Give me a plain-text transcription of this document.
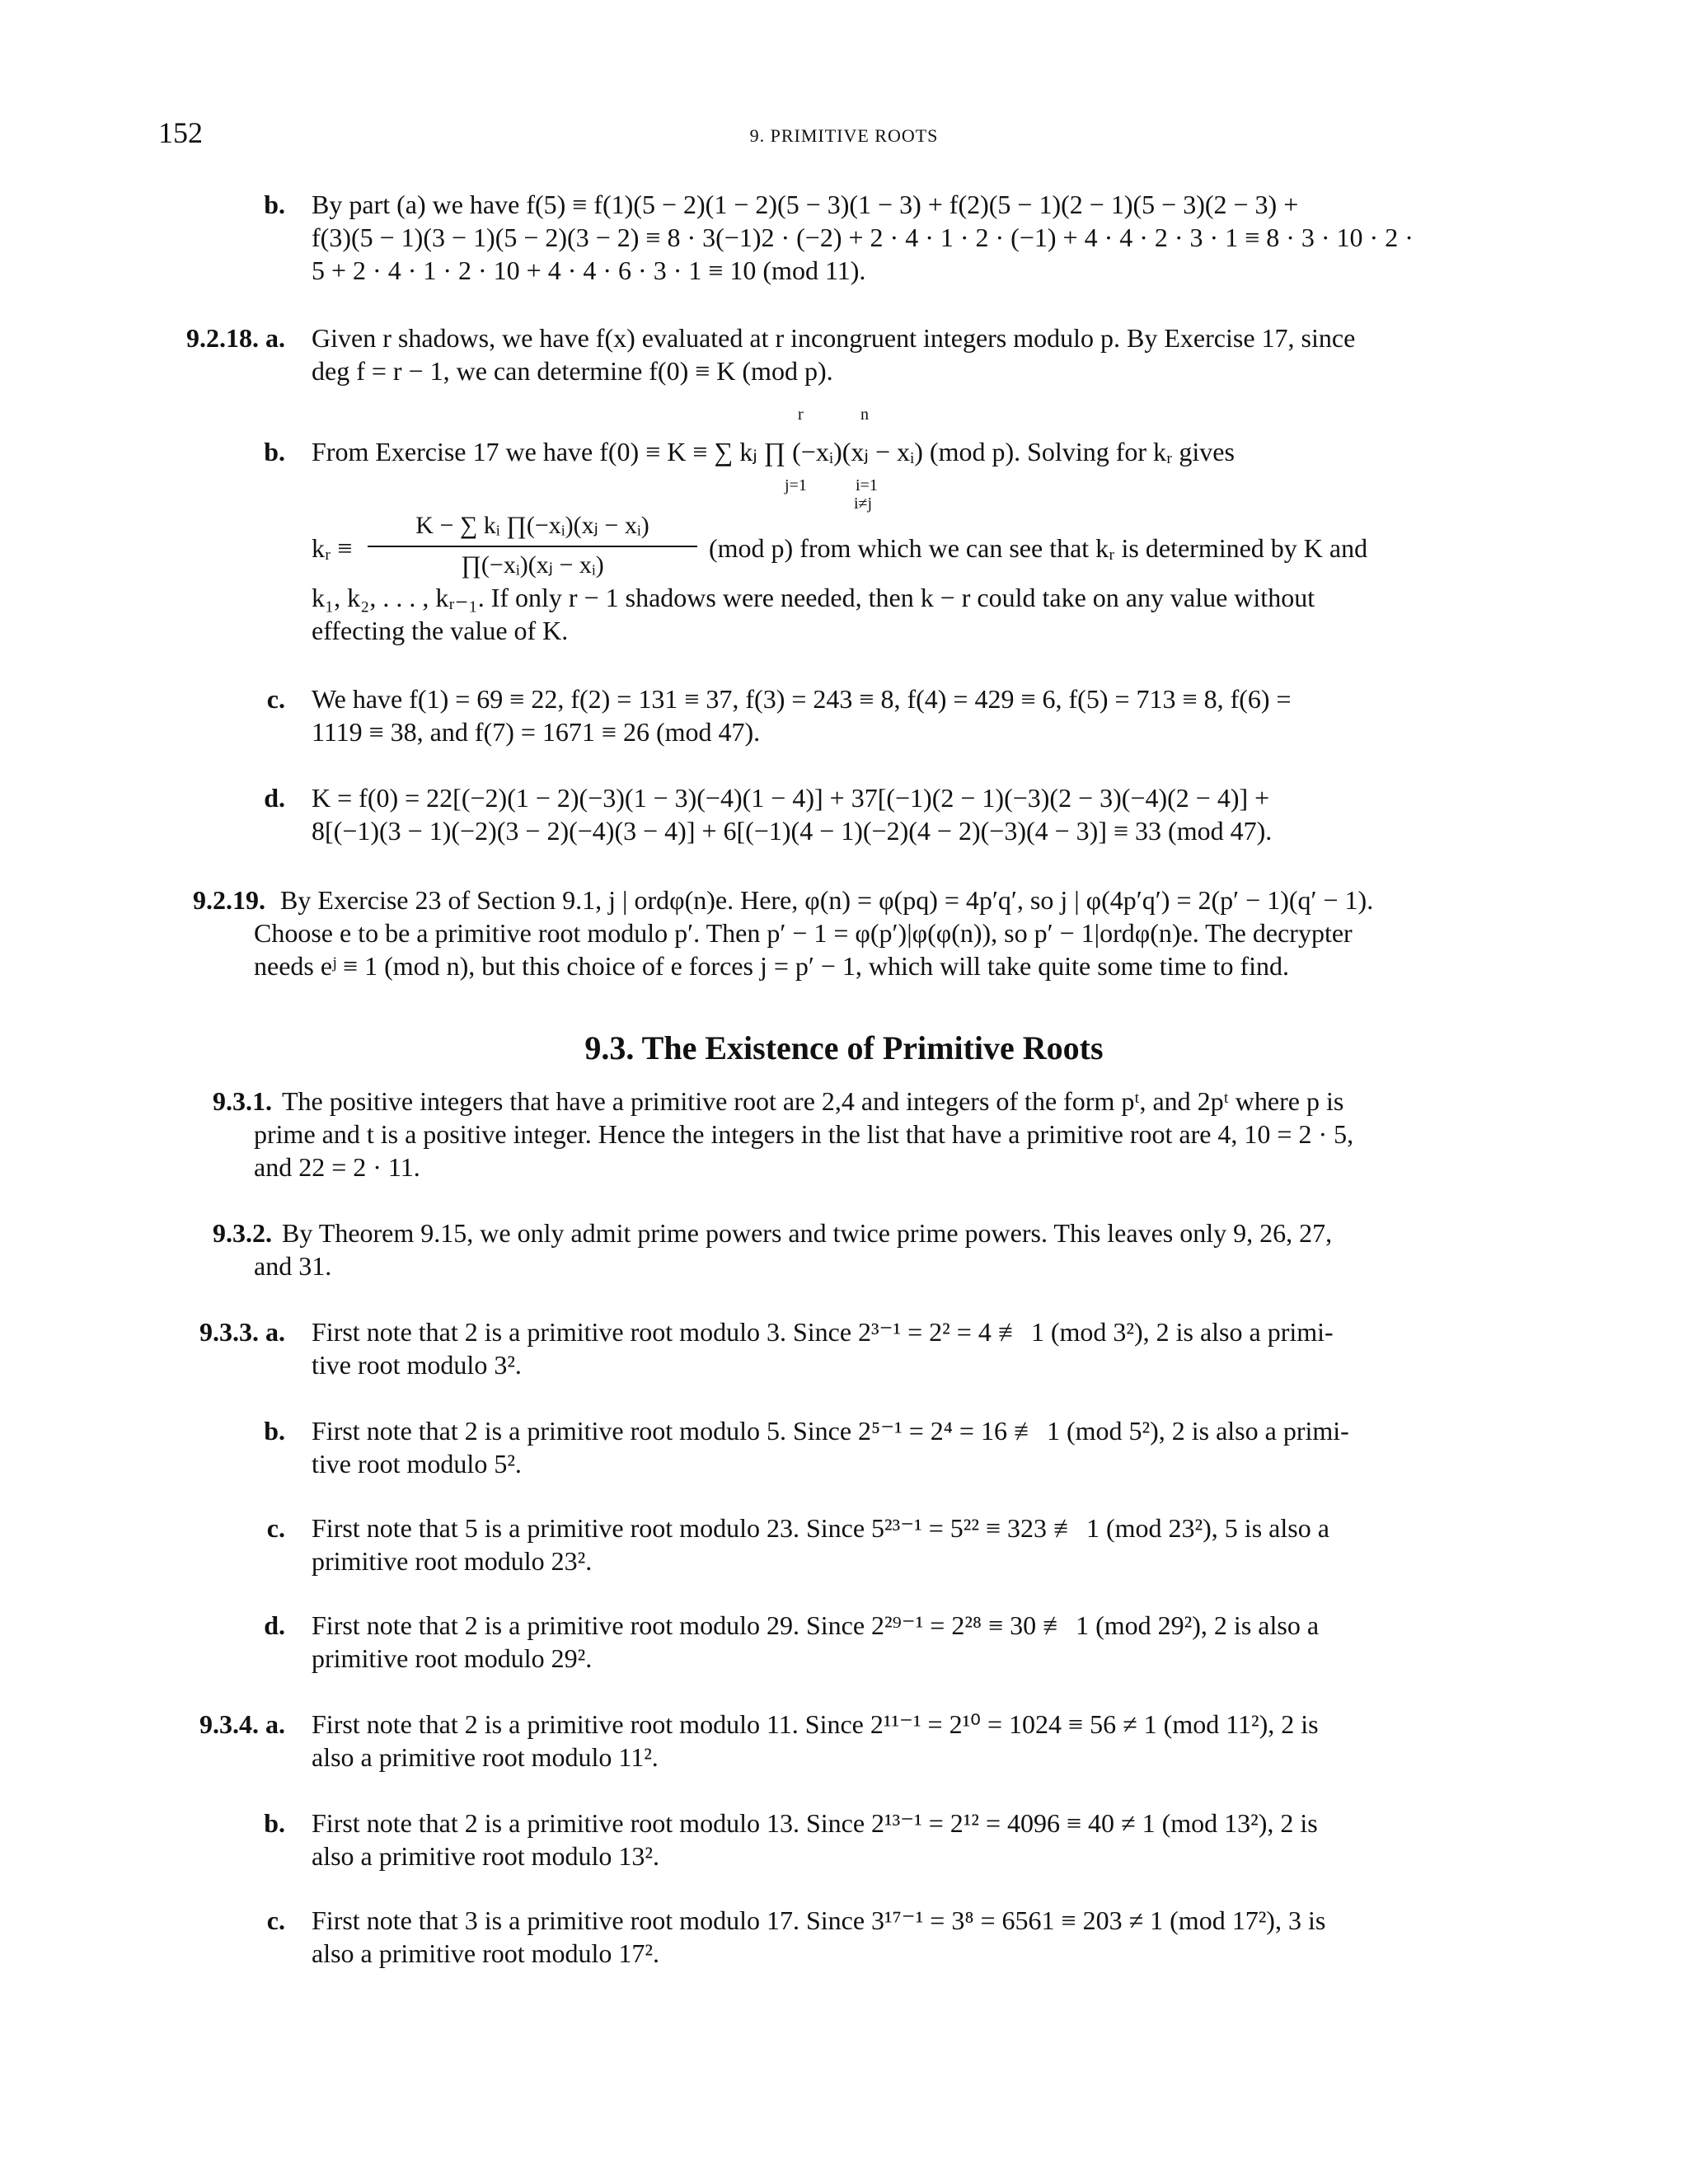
152	9. PRIMITIVE ROOTS
b. By part (a) we have f(5) ≡ f(1)(5 − 2)(1 − 2)(5 − 3)(1 − 3) + f(2)(5 − 1)(2 − 1)(5 − 3)(2 − 3) +
f(3)(5 − 1)(3 − 1)(5 − 2)(3 − 2) ≡ 8 · 3(−1)2 · (−2) + 2 · 4 · 1 · 2 · (−1) + 4 · 4 · 2 · 3 · 1 ≡ 8 · 3 · 10 · 2 ·
5 + 2 · 4 · 1 · 2 · 10 + 4 · 4 · 6 · 3 · 1 ≡ 10 (mod 11).
9.2.18. a. Given r shadows, we have f(x) evaluated at r incongruent integers modulo p. By Exercise 17, since
deg f = r − 1, we can determine f(0) ≡ K (mod p).
b. From Exercise 17 we have f(0) ≡ K ≡ ∑ kⱼ ∏ (−xᵢ)(xⱼ − xᵢ) (mod p). Solving for kᵣ gives
r
j=1
n
i=1
i≠j
kᵣ ≡
K − ∑ kᵢ ∏(−xᵢ)(xⱼ − xᵢ)
∏(−xᵢ)(xⱼ − xᵢ)
(mod p) from which we can see that kᵣ is determined by K and
k₁, k₂, . . . , kᵣ₋₁. If only r − 1 shadows were needed, then k − r could take on any value without
effecting the value of K.
c. We have f(1) = 69 ≡ 22, f(2) = 131 ≡ 37, f(3) = 243 ≡ 8, f(4) = 429 ≡ 6, f(5) = 713 ≡ 8, f(6) =
1119 ≡ 38, and f(7) = 1671 ≡ 26 (mod 47).
d. K = f(0) = 22[(−2)(1 − 2)(−3)(1 − 3)(−4)(1 − 4)] + 37[(−1)(2 − 1)(−3)(2 − 3)(−4)(2 − 4)] +
8[(−1)(3 − 1)(−2)(3 − 2)(−4)(3 − 4)] + 6[(−1)(4 − 1)(−2)(4 − 2)(−3)(4 − 3)] ≡ 33 (mod 47).
9.2.19. By Exercise 23 of Section 9.1, j | ordφ(n)e. Here, φ(n) = φ(pq) = 4p′q′, so j | φ(4p′q′) = 2(p′ − 1)(q′ − 1).
Choose e to be a primitive root modulo p′. Then p′ − 1 = φ(p′)|φ(φ(n)), so p′ − 1|ordφ(n)e. The decrypter
needs eʲ ≡ 1 (mod n), but this choice of e forces j = p′ − 1, which will take quite some time to find.
9.3. The Existence of Primitive Roots
9.3.1. The positive integers that have a primitive root are 2,4 and integers of the form pᵗ, and 2pᵗ where p is
prime and t is a positive integer. Hence the integers in the list that have a primitive root are 4, 10 = 2 · 5,
and 22 = 2 · 11.
9.3.2. By Theorem 9.15, we only admit prime powers and twice prime powers. This leaves only 9, 26, 27,
and 31.
9.3.3. a. First note that 2 is a primitive root modulo 3. Since 2³⁻¹ = 2² = 4 ≢ 1 (mod 3²), 2 is also a primi-
tive root modulo 3².
b. First note that 2 is a primitive root modulo 5. Since 2⁵⁻¹ = 2⁴ = 16 ≢ 1 (mod 5²), 2 is also a primi-
tive root modulo 5².
c. First note that 5 is a primitive root modulo 23. Since 5²³⁻¹ = 5²² ≡ 323 ≢ 1 (mod 23²), 5 is also a
primitive root modulo 23².
d. First note that 2 is a primitive root modulo 29. Since 2²⁹⁻¹ = 2²⁸ ≡ 30 ≢ 1 (mod 29²), 2 is also a
primitive root modulo 29².
9.3.4. a. First note that 2 is a primitive root modulo 11. Since 2¹¹⁻¹ = 2¹⁰ = 1024 ≡ 56 ≠ 1 (mod 11²), 2 is
also a primitive root modulo 11².
b. First note that 2 is a primitive root modulo 13. Since 2¹³⁻¹ = 2¹² = 4096 ≡ 40 ≠ 1 (mod 13²), 2 is
also a primitive root modulo 13².
c. First note that 3 is a primitive root modulo 17. Since 3¹⁷⁻¹ = 3⁸ = 6561 ≡ 203 ≠ 1 (mod 17²), 3 is
also a primitive root modulo 17².
